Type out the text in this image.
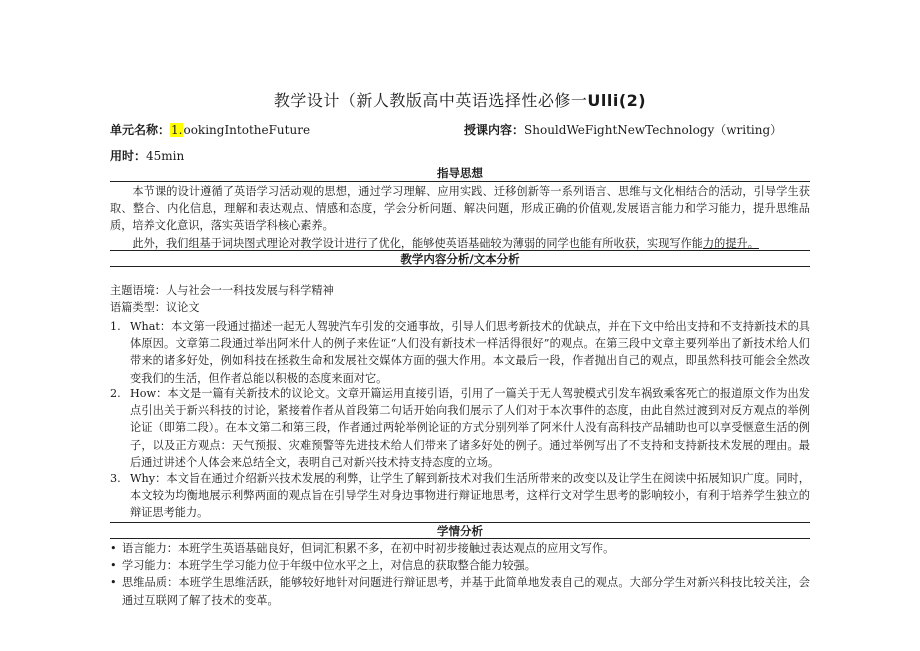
教学设计（新人教版高中英语选择性必修一Ulli(2)
单元名称：1.ookingIntotheFuture	授课内容：ShouldWeFightNewTechnology（writing）
用时：45min
指导思想
本节课的设计遵循了英语学习活动观的思想，通过学习理解、应用实践、迁移创新等一系列语言、思维与文化相结合的活动，引导学生获取、整合、内化信息，理解和表达观点、情感和态度，学会分析问题、解决问题，形成正确的价值观,发展语言能力和学习能力，提升思维品质，培养文化意识，落实英语学科核心素养。
此外，我们组基于词块图式理论对教学设计进行了优化，能够使英语基础较为薄弱的同学也能有所收获，实现写作能力的提升。
教学内容分析/文本分析
主题语境：人与社会一一科技发展与科学精神
语篇类型：议论文
1. What：本文第一段通过描述一起无人驾驶汽车引发的交通事故，引导人们思考新技术的优缺点，并在下文中给出支持和不支持新技术的具体原因。文章第二段通过举出阿米什人的例子来佐证“人们没有新技术一样活得很好”的观点。在第三段中文章主要列举出了新技术给人们带来的诸多好处，例如科技在拯救生命和发展社交媒体方面的强大作用。本文最后一段，作者抛出自己的观点，即虽然科技可能会全然改变我们的生活，但作者总能以积极的态度来面对它。
2. How：本文是一篇有关新技术的议论文。文章开篇运用直接引语，引用了一篇关于无人驾驶模式引发车祸致乘客死亡的报道原文作为出发点引出关于新兴科技的讨论，紧接着作者从首段第二句话开始向我们展示了人们对于本次事件的态度，由此自然过渡到对反方观点的举例论证（即第二段）。在本文第二和第三段，作者通过两轮举例论证的方式分别列举了阿米什人没有高科技产品辅助也可以享受惬意生活的例子，以及正方观点：天气预报、灾难预警等先进技术给人们带来了诸多好处的例子。通过举例写出了不支持和支持新技术发展的理由。最后通过讲述个人体会来总结全文，表明自己对新兴技术持支持态度的立场。
3. Why：本文旨在通过介绍新兴技术发展的利弊，让学生了解到新技术对我们生活所带来的改变以及让学生在阅读中拓展知识广度。同时，本文较为均衡地展示利弊两面的观点旨在引导学生对身边事物进行辩证地思考，这样行文对学生思考的影响较小，有利于培养学生独立的辩证思考能力。
学情分析
• 语言能力：本班学生英语基础良好，但词汇积累不多，在初中时初步接触过表达观点的应用文写作。
• 学习能力：本班学生学习能力位于年级中位水平之上，对信息的获取整合能力较强。
• 思维品质：本班学生思维活跃，能够较好地针对问题进行辩证思考，并基于此简单地发表自己的观点。大部分学生对新兴科技比较关注，会通过互联网了解了技术的变革。
